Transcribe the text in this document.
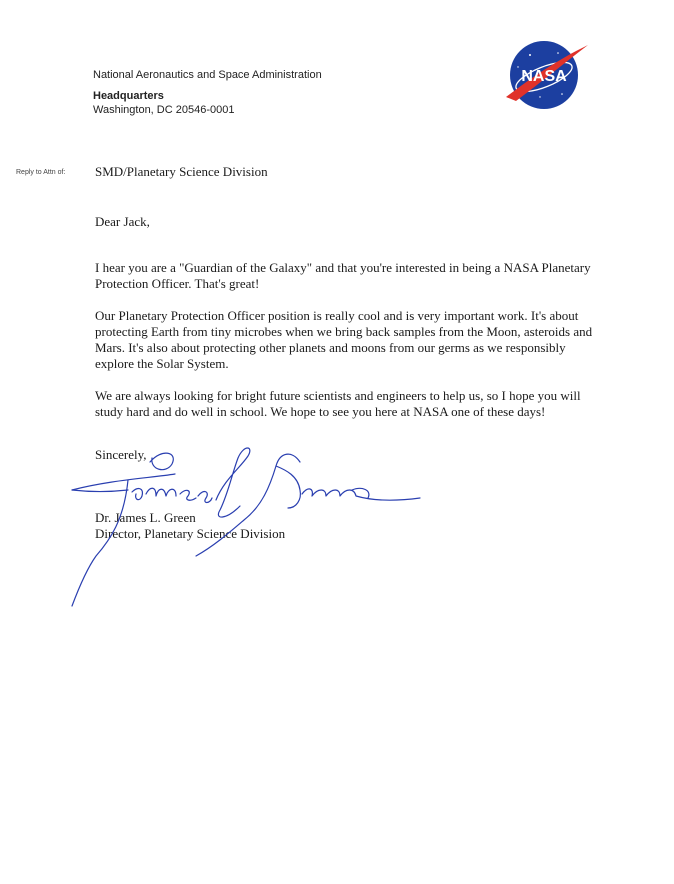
National Aeronautics and Space Administration
Headquarters
Washington, DC 20546-0001
NASA
Reply to Attn of: SMD/Planetary Science Division

Dear Jack,

I hear you are a "Guardian of the Galaxy" and that you're interested in being a NASA Planetary Protection Officer. That's great!

Our Planetary Protection Officer position is really cool and is very important work. It's about protecting Earth from tiny microbes when we bring back samples from the Moon, asteroids and Mars. It's also about protecting other planets and moons from our germs as we responsibly explore the Solar System.

We are always looking for bright future scientists and engineers to help us, so I hope you will study hard and do well in school. We hope to see you here at NASA one of these days!

Sincerely,
Dr. James L. Green
Director, Planetary Science Division
